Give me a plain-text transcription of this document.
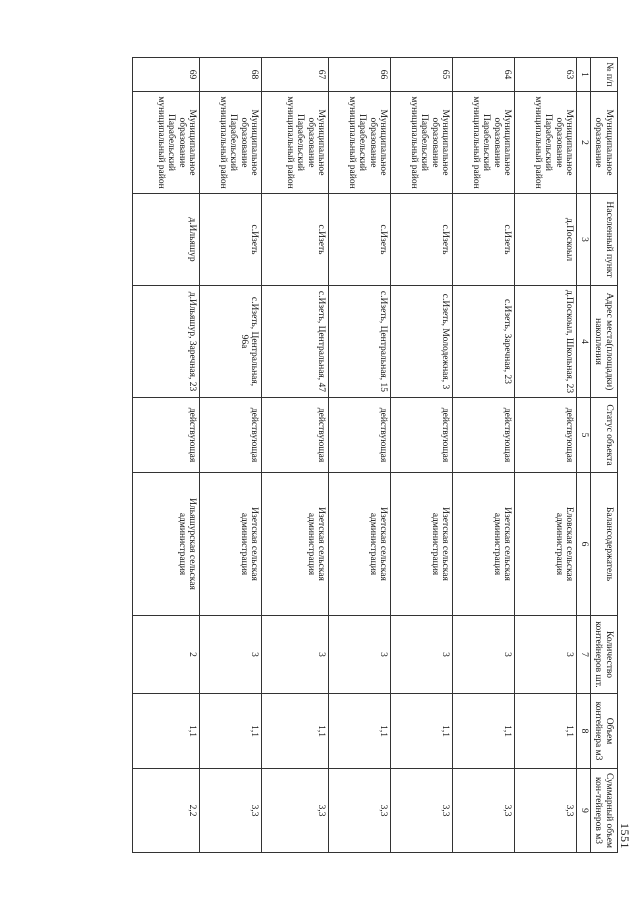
1551
№ п/п	Муниципальное образование	Населенный пункт	Адрес места(площадки) накопления	Статус объекта	Балансодержатель	Количество контейнеров шт.	Объем контейнера м3	Суммарный объем кон-тейнеров м3
1	2	3	4	5	6	7	8	9
63	Муниципальное образование Парабельский муниципальный район	д.Поскоыл	д.Поскоыл, Школьная, 23	действующая	Еловская сельская администрация	3	1,1	3,3
64	Муниципальное образование Парабельский муниципальный район	с.Изеть	с.Изеть, Заречная, 23	действующая	Изетская сельская администрация	3	1,1	3,3
65	Муниципальное образование Парабельский муниципальный район	с.Изеть	с.Изеть, Молодежная, 3	действующая	Изетская сельская администрация	3	1,1	3,3
66	Муниципальное образование Парабельский муниципальный район	с.Изеть	с.Изеть, Центральная, 15	действующая	Изетская сельская администрация	3	1,1	3,3
67	Муниципальное образование Парабельский муниципальный район	с.Изеть	с.Изеть, Центральная, 47	действующая	Изетская сельская администрация	3	1,1	3,3
68	Муниципальное образование Парабельский муниципальный район	с.Изеть	с.Изеть, Центральная, 96а	действующая	Изетская сельская администрация	3	1,1	3,3
69	Муниципальное образование Парабельский муниципальный район	д.Ильяшур	д.Ильяшур, Заречная, 23	действующая	Ильяшурская сельская администрация	2	1,1	2,2
